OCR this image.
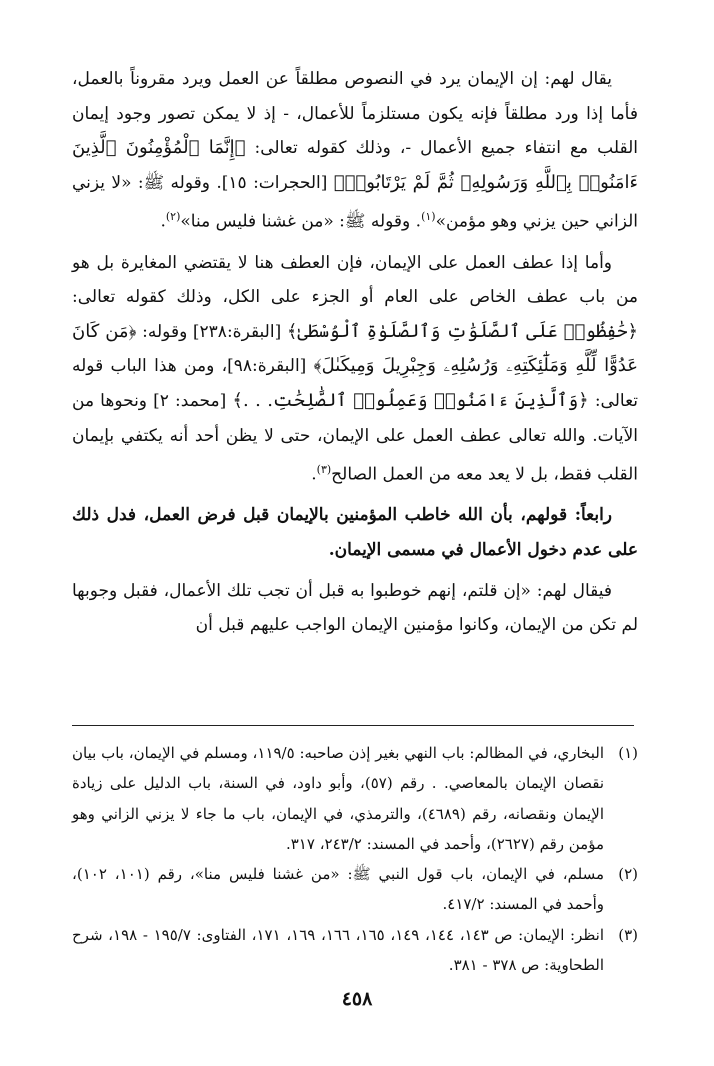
يقال لهم: إن الإيمان يرد في النصوص مطلقاً عن العمل ويرد مقروناً بالعمل، فأما إذا ورد مطلقاً فإنه يكون مستلزماً للأعمال، - إذ لا يمكن تصور وجود إيمان القلب مع انتفاء جميع الأعمال -، وذلك كقوله تعالى: ﴿إِنَّمَا ٱلْمُؤْمِنُونَ ٱلَّذِينَ ءَامَنُوا۟ بِٱللَّهِ وَرَسُولِهِۦ ثُمَّ لَمْ يَرْتَابُوا۟﴾ [الحجرات: ١٥]. وقوله ﷺ: «لا يزني الزاني حين يزني وهو مؤمن»$^{(١)}$. وقوله ﷺ: «من غشنا فليس منا»$^{(٢)}$.

وأما إذا عطف العمل على الإيمان، فإن العطف هنا لا يقتضي المغايرة بل هو من باب عطف الخاص على العام أو الجزء على الكل، وذلك كقوله تعالى: ﴿حَٰفِظُوا۟ عَلَى ٱلصَّلَوَٰتِ وَٱلصَّلَوٰةِ ٱلْوُسْطَىٰ﴾ [البقرة:٢٣٨] وقوله: ﴿مَن كَانَ عَدُوًّا لِّلَّهِ وَمَلَٰٓئِكَتِهِۦ وَرُسُلِهِۦ وَجِبْرِيلَ وَمِيكَىٰلَ﴾ [البقرة:٩٨]، ومن هذا الباب قوله تعالى: ﴿وَٱلَّذِينَ ءَامَنُوا۟ وَعَمِلُوا۟ ٱلصَّٰلِحَٰتِ. . .﴾ [محمد: ٢] ونحوها من الآيات. والله تعالى عطف العمل على الإيمان، حتى لا يظن أحد أنه يكتفي بإيمان القلب فقط، بل لا يعد معه من العمل الصالح$^{(٣)}$.

رابعاً: قولهم، بأن الله خاطب المؤمنين بالإيمان قبل فرض العمل، فدل ذلك على عدم دخول الأعمال في مسمى الإيمان.

فيقال لهم: «إن قلتم، إنهم خوطبوا به قبل أن تجب تلك الأعمال، فقبل وجوبها لم تكن من الإيمان، وكانوا مؤمنين الإيمان الواجب عليهم قبل أن

(١)
البخاري، في المظالم: باب النهي بغير إذن صاحبه: ١١٩/٥، ومسلم في الإيمان، باب بيان نقصان الإيمان بالمعاصي. . رقم (٥٧)، وأبو داود، في السنة، باب الدليل على زيادة الإيمان ونقصانه، رقم (٤٦٨٩)، والترمذي، في الإيمان، باب ما جاء لا يزني الزاني وهو مؤمن رقم (٢٦٢٧)، وأحمد في المسند: ٢٤٣/٢، ٣١٧.

(٢)
مسلم، في الإيمان، باب قول النبي ﷺ: «من غشنا فليس منا»، رقم (١٠١، ١٠٢)، وأحمد في المسند: ٤١٧/٢.

(٣)
انظر: الإيمان: ص ١٤٣، ١٤٤، ١٤٩، ١٦٥، ١٦٦، ١٦٩، ١٧١، الفتاوى: ١٩٥/٧ - ١٩٨، شرح الطحاوية: ص ٣٧٨ - ٣٨١.

٤٥٨
